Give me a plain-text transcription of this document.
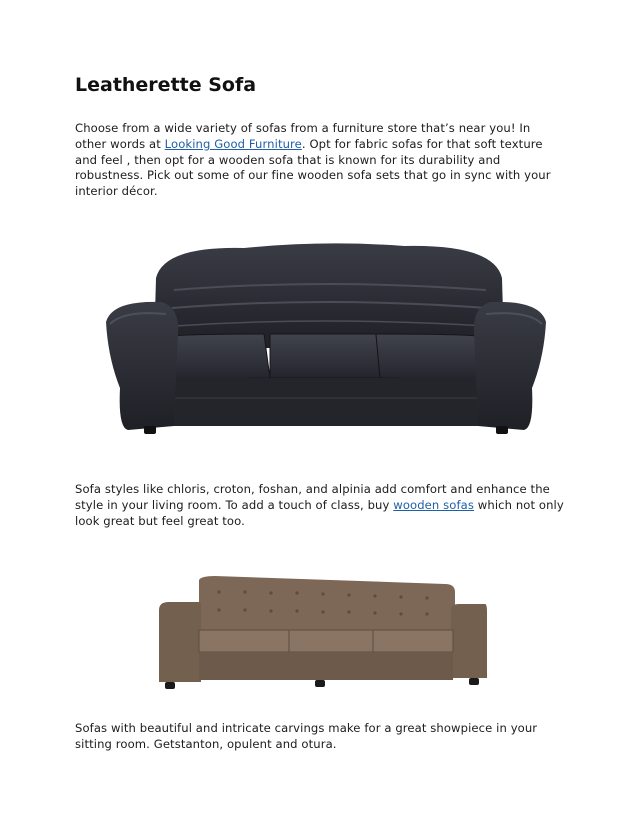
Leatherette Sofa

Choose from a wide variety of sofas from a furniture store that’s near you! In other words at Looking Good Furniture. Opt for fabric sofas for that soft texture and feel , then opt for a wooden sofa that is known for its durability and robustness. Pick out some of our fine wooden sofa sets that go in sync with your interior décor.

Sofa styles like chloris, croton, foshan, and alpinia add comfort and enhance the style in your living room. To add a touch of class, buy wooden sofas which not only look great but feel great too.

Sofas with beautiful and intricate carvings make for a great showpiece in your sitting room. Getstanton, opulent and otura.
